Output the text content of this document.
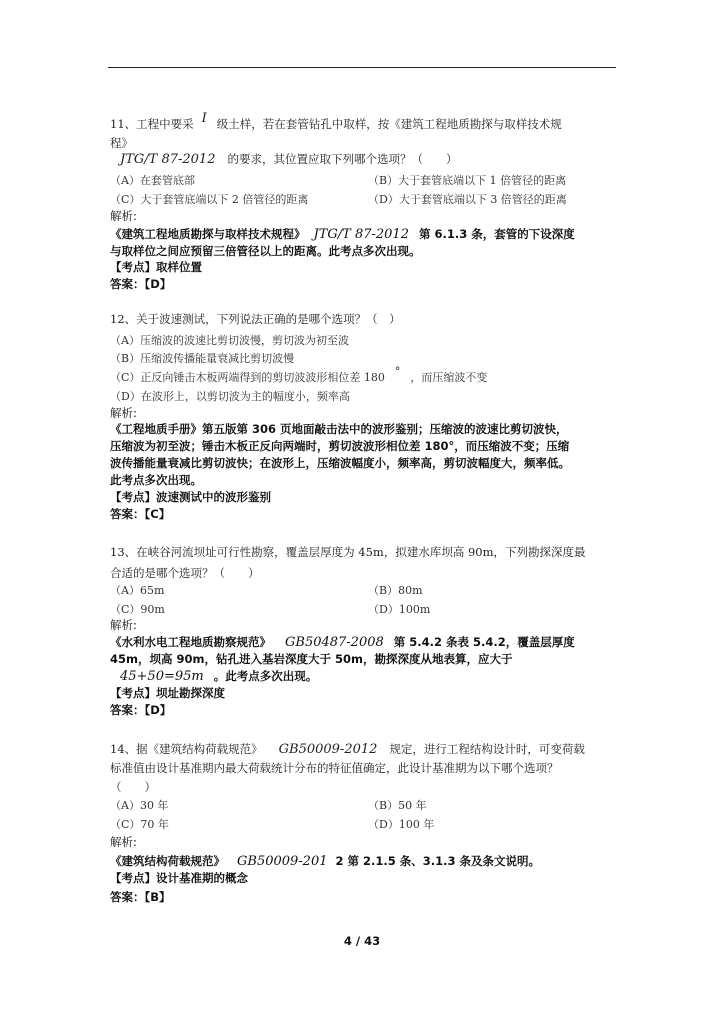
11、工程中要采 I 级土样，若在套管钻孔中取样，按《建筑工程地质勘探与取样技术规
程》
JTG/T 87-2012 的要求，其位置应取下列哪个选项？（　　）
（A）在套管底部	（B）大于套管底端以下 1 倍管径的距离
（C）大于套管底端以下 2 倍管径的距离	（D）大于套管底端以下 3 倍管径的距离
解析:
《建筑工程地质勘探与取样技术规程》 JTG/T 87-2012 第 6.1.3 条，套管的下设深度
与取样位之间应预留三倍管径以上的距离。此考点多次出现。
【考点】取样位置
答案：【D】
12、关于波速测试，下列说法正确的是哪个选项？（　）
（A）压缩波的波速比剪切波慢，剪切波为初至波
（B）压缩波传播能量衰减比剪切波慢
（C）正反向锤击木板两端得到的剪切波波形相位差 180 ° ，而压缩波不变
（D）在波形上，以剪切波为主的幅度小，频率高
解析:
《工程地质手册》第五版第 306 页地面敲击法中的波形鉴别；压缩波的波速比剪切波快，
压缩波为初至波；锤击木板正反向两端时，剪切波波形相位差 180°，而压缩波不变；压缩
波传播能量衰减比剪切波快；在波形上，压缩波幅度小，频率高，剪切波幅度大，频率低。
此考点多次出现。
【考点】波速测试中的波形鉴别
答案：【C】
13、在峡谷河流坝址可行性勘察，覆盖层厚度为 45m，拟建水库坝高 90m，下列勘探深度最
合适的是哪个选项？（　　）
（A）65m	（B）80m
（C）90m	（D）100m
解析:
《水利水电工程地质勘察规范》 GB50487-2008 第 5.4.2 条表 5.4.2，覆盖层厚度
45m，坝高 90m，钻孔进入基岩深度大于 50m，勘探深度从地表算，应大于
45+50=95m 。此考点多次出现。
【考点】坝址勘探深度
答案：【D】
14、据《建筑结构荷载规范》 GB50009-2012 规定，进行工程结构设计时，可变荷载
标准值由设计基准期内最大荷载统计分布的特征值确定，此设计基准期为以下哪个选项？
（　　）
（A）30 年	（B）50 年
（C）70 年	（D）100 年
解析:
《建筑结构荷载规范》 GB50009-201 2 第 2.1.5 条、3.1.3 条及条文说明。
【考点】设计基准期的概念
答案：【B】
4 / 43
